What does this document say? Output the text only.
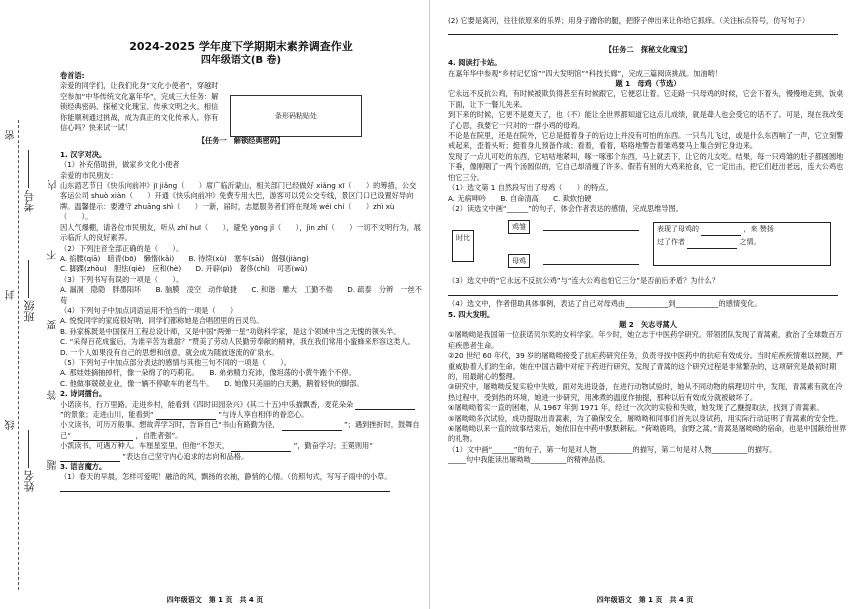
密
封
线
姓名
班级
考号
内
不
要
答
题
条形码粘贴处
2024-2025 学年度下学期期末素养调查作业
四年级语文(B 卷)

卷首语:

亲爱的同学们，让我们化身“文化小使者”，穿越时空参加“中华传统文化嘉年华”，完成三大任务：解锁经典密码、探秘文化瑰宝、传承文明之火。相信你能顺利通过挑战，成为真正的文化传承人。你有信心吗？快来试一试！

【任务一　解锁经典密码】

1. 汉字对决。

（1）补充借助拼，做家乡文化小使者

亲爱的市民朋友：

山东諮艺节日《快乐向前冲》jī jiǎng（　　）席广临沂蒙山，相关部门已经做好 xiǎng xī（　　）的筹措，公交客运公司 shuò xiàn（　　）开通《快乐向前冲》免费专用大巴，游客可以凭公交专线，景区门口已设置好导向牌。温馨提示：要遵守 zhuāng shì（　　）一新，届时，志愿服务者们将在现场 wéi chí（　　）zhì xù（　　）。

因人气爆棚，请各位市民朋友，听从 zhǐ huī（　　），避免 yōng jǐ（　　），jìn zhǐ（　　）一切不文明行为，展示临沂人的良好素养。

（2）下列注音全部正确的是（　　）。

A. 掐腰(qiā)　暗青(bō)　懒惰(kǎi)　　B. 待续(xù)　塞车(sāi)　倔强(jiàng)
C. 脚踝(zhǒu)　胆怯(qiè)　应和(hè)　　D. 开辟(pì)　奢侈(chǐ)　可恶(wù)

（3）下列书写有误的一项是（　　）。

A. 漏洞　隐隐　胖墨阳坏　　B. 脑膜　凌空　动作敏捷　　C. 和谐　雕大　工勤不倦　　D. 疏泰　分辨　一丝不苟

（4）下列句子中加点词语运用不恰当的一项是（　　）

A. 悦悦同学的家庭很好呐，同学们都称她是合唱团里的百灵鸟。

B. 孙家栋既是中国探月工程总设计师，又是中国“两弹一星”功勋科学家，是这个领域中当之无愧的领头羊。

C. “采得百花成蜜后，为谁辛苦为谁甜？”赞美了劳动人民勤劳奉献的精神，我在我们常用小蜜蜂来形容这类人。

D. 一个人如果没有自己的思想和创意，就会成为随波逐流的矿泉水。

（5）下列句子中加点部分表达的感情与其他三句不同的一项是（　　）。

A. 那娃娃摘抽掉杆，像一朵绵了的巧莉花。　　B. 弟弟精力充沛，像坦荡的小黄牛跑个不停。
C. 他做事兢兢业业，像一辆不停歇车的老鸟牛。　　D. 她像只美丽的白天鹅，鹅着轻快的脚部。

2. 诗词擂台。

小诺读书，行万里路。走进乡村，能看到《四时田园杂兴》(其二十五)中乐描飘香，麦花朵朵  ”的景象；走进山川，能看到“	”与诗人享自相伴的眷恋心。

小文读书，可历万般事。想故弄学习时，告诉自己“书山有路勤为径，	”；遇到挫折时，鼓舞自己“	，自胜者强”。

小凯读书，可遇万种人。车厘星室里，但他“不怨天，	”，勤奋学习；王冕则用“  ”表达自己坚守内心追求的志向和品格。

3. 语言魔方。

（1）春天的早晨，怎样可爱呢！融洽的风，飘扬的衣袖，静悄的心情。（仿照句式，写写子雨中的小草。

四年级语文　第 1 页　共 4 页

(2) 它要是离河，往往依原来的乐界；用身子蹭你的腿，把脖子伸出来让你给它抓痒。（关注标点符号，仿写句子）

【任务二　探秘文化瑰宝】

4. 阅读打卡站。

在嘉年华中参观“乡村记忆馆”“四大发明馆”“科技长廊”，完成三篇阅读挑战。加油哟！

题 1　母鸡（节选）

它永远不反抗公鸡，有时候被欺负得甚至有时候跟它，它便忍让着。它走路一只母鸡的时候，它会下着头，慢慢地走到，饭桌下面，让下一餐儿先来。

到下来的时候，它更不是夏天了，也（不）能让全世界都知道它这点儿成绩，就是聋人也会受它的话不了。可是，现在我改变了心思，我要它一只对的一群小鸡的母鸡。

不论是在院里，还是在院外，它总是挺着身子的后边上并没有可怕的东西。一只鸟儿飞过，或是什么东西响了一声，它立刻警戒起来，歪着头听；挺着身儿预备作战；看着，看着，咯咯地警告着雏鸡要马上集合到它身边来。

发现了一点儿可吃的东西，它咕咕地紧叫，啄一啄那个东西，马上就丢下，让它的儿女吃。结果，每一只鸡雏的肚子都圆圆地下垂，像刚咽了一两个汤圆似的，它自己却清瘦了许多。假若有别的大鸡来抢食，它一定出击，把它们赶出老远，连大公鸡也怕它三分。

（1）选文第 1 自然段写出了母鸡（　　）的特点。

A. 无病呻吟　　B. 自命清高　　C. 欺软怕硬

（2）读选文中画“______”的句子，体会作者表达的感情，完成思维导图。

时比
鸡雏
母鸡
表现了母鸡的	，来 赞扬
过了作者	之情。

（3）选文中的“它永远不反抗公鸡”与“连大公鸡也怕它三分”是否前后矛盾？为什么？

（4）选文中，作者借助具体事例，表达了自己对母鸡由____________到____________的感情变化。

5. 四大发明。

题 2　矢志寻蒿人

①屠呦呦是我国第一位获诺贝尔奖的女科学家。年少时，她立志于中医药学研究。带领团队发现了青蒿素，救治了全球数百万疟疾患者生命。

②20 世纪 60 年代，39 岁的屠呦呦接受了抗疟药研究任务，负责寻找中医药中的抗疟有效成分。当时疟疾疾情难以控制，严重威胁着人们的生命。她在中国古籍中对症下药进行研究，发现了青蒿的这个研究过程是非常繁杂的，这项研究是最初时期的，用最耐心的整理。

③研究中，屠呦呦反复实验中失败，面对先进设备，在进行动物试验时，她从不同动物的病理切片中，发现，青蒿素有就在冷热过程中，受到热的环境，她进一步研究，用沸煮的温度作抽提，那种以后有效成分就被破坏了。

④屠呦呦着实一直的困难，从 1967 年到 1971 年，经过一次次的实验和失败，她发现了乙醚提取法，找到了青蒿素。

⑤屠呦呦多次试验，成功提取出青蒿素，为了确保安全，屠呦呦和同事们首先以身试药，用实际行动证明了青蒿素的安全性。

⑥屠呦呦以来一直的故事结束后，她依旧在中药中默默耕耘。“荷呦鹿鸣，食野之蒿。”青蒿是屠呦呦的宿命，也是中国献给世界的礼物。

（1）文中画“______”的句子，第一句是对人物__________的描写，第二句是对人物__________的描写。

_____句中我能读出屠呦呦__________的精神品质。

四年级语文　第 1 页　共 4 页
